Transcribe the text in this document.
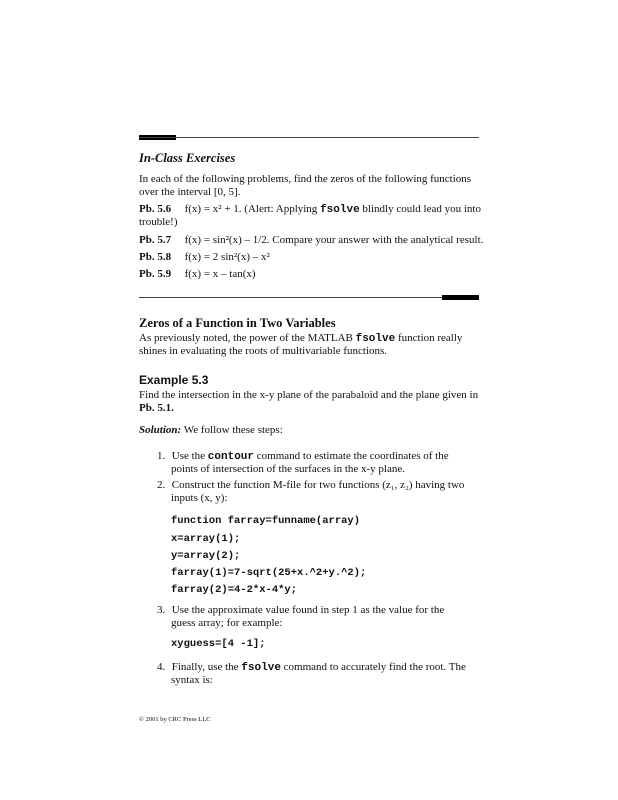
In-Class Exercises
In each of the following problems, find the zeros of the following functions
over the interval [0, 5].
Pb. 5.6 f(x) = x² + 1. (Alert: Applying fsolve blindly could lead you into
trouble!)
Pb. 5.7 f(x) = sin²(x) – 1/2. Compare your answer with the analytical result.
Pb. 5.8 f(x) = 2 sin²(x) – x²
Pb. 5.9 f(x) = x – tan(x)
Zeros of a Function in Two Variables
As previously noted, the power of the MATLAB fsolve function really
shines in evaluating the roots of multivariable functions.
Example 5.3
Find the intersection in the x-y plane of the parabaloid and the plane given in
Pb. 5.1.
Solution: We follow these steps:
1. Use the contour command to estimate the coordinates of the
points of intersection of the surfaces in the x-y plane.
2. Construct the function M-file for two functions (z₁, z₂) having two
inputs (x, y):
function farray=funname(array)
x=array(1);
y=array(2);
farray(1)=7-sqrt(25+x.^2+y.^2);
farray(2)=4-2*x-4*y;
3. Use the approximate value found in step 1 as the value for the
guess array; for example:
xyguess=[4 -1];
4. Finally, use the fsolve command to accurately find the root. The
syntax is:
© 2001 by CRC Press LLC
